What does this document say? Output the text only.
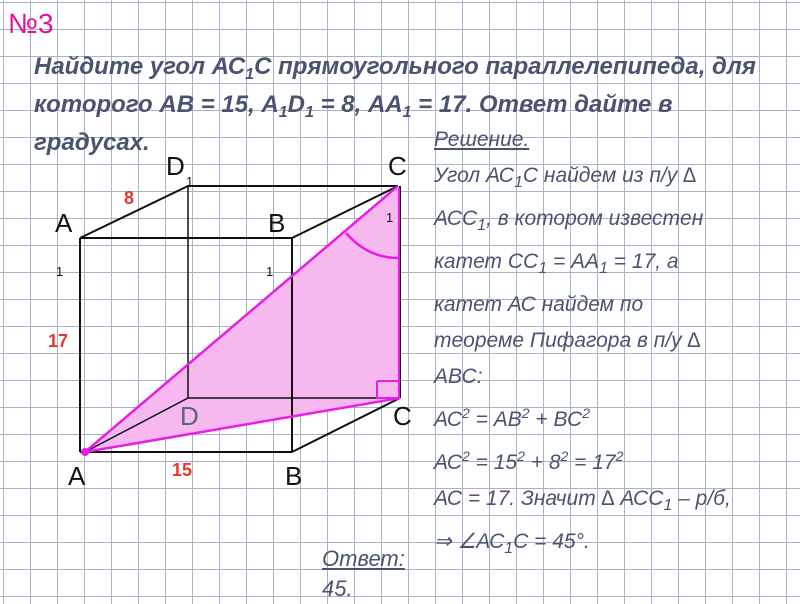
№3
Найдите угол $АС_1С$ прямоугольного параллелепипеда, для которого АВ = 15, $А_1D_1 = 8$, $АА_1 = 17$. Ответ дайте в градусах.
D
1
C
1
A
1
B
1
D	C
A	B
8
17
15
Решение.
Угол $АС_1С$ найдем из п/у ∆
$АСС_1$, в котором известен
катет $СС_1 = АА_1 = 17$, а
катет АС найдем по
теореме Пифагора в п/у ∆
АВС:
$АС^2 = АВ^2 + ВС^2$
$АС^2 = 15^2 + 8^2 = 17^2$
АС = 17. Значит ∆ $АСС_1 - р/б$,
⇒ $\angle АС_1С = 45^\circ$.
Ответ:
45.
